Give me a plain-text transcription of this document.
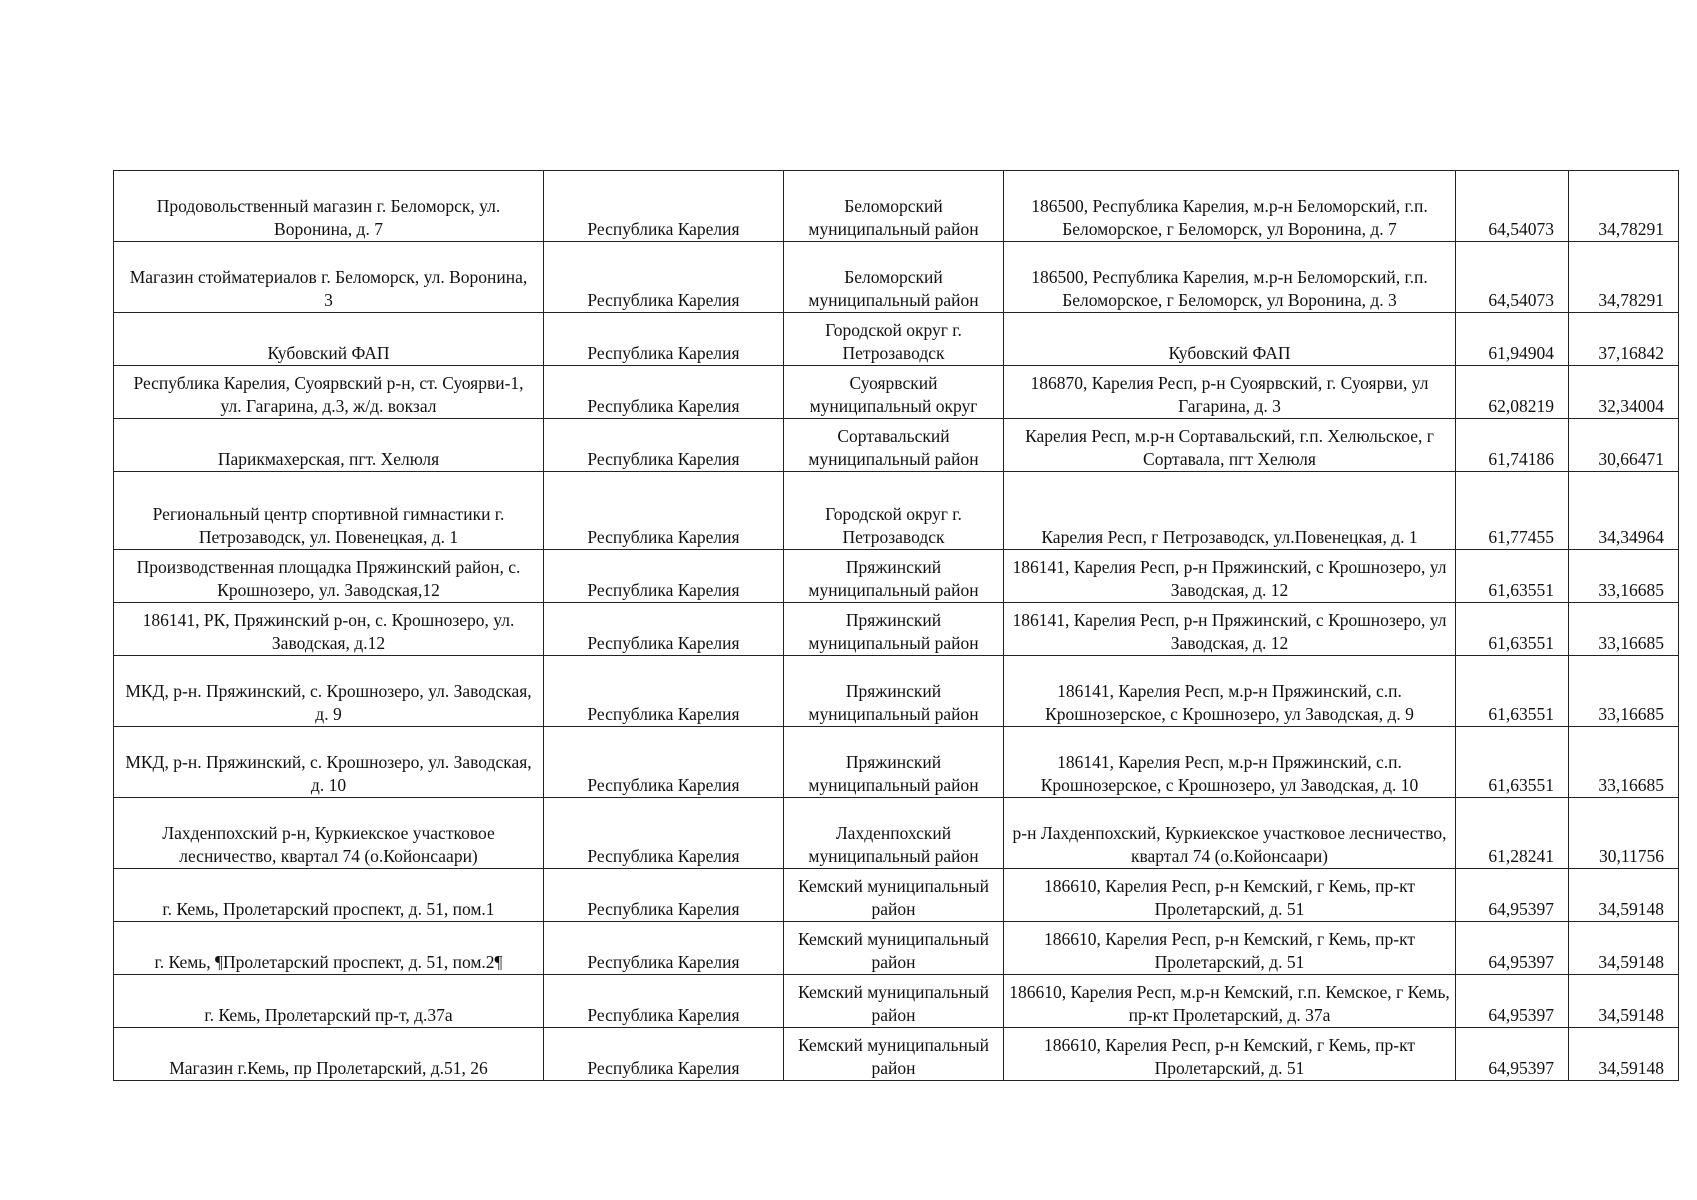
Продовольственный магазин г. Беломорск, ул. Воронина, д. 7	Республика Карелия	Беломорский муниципальный район	186500, Республика Карелия, м.р-н Беломорский, г.п. Беломорское, г Беломорск, ул Воронина, д. 7	64,54073	34,78291
Магазин стойматериалов г. Беломорск, ул. Воронина, 3	Республика Карелия	Беломорский муниципальный район	186500, Республика Карелия, м.р-н Беломорский, г.п. Беломорское, г Беломорск, ул Воронина, д. 3	64,54073	34,78291
Кубовский ФАП	Республика Карелия	Городской округ г. Петрозаводск	Кубовский ФАП	61,94904	37,16842
Республика Карелия, Суоярвский р-н, ст. Суоярви-1, ул. Гагарина, д.3, ж/д. вокзал	Республика Карелия	Суоярвский муниципальный округ	186870, Карелия Респ, р-н Суоярвский, г. Суоярви, ул Гагарина, д. 3	62,08219	32,34004
Парикмахерская, пгт. Хелюля	Республика Карелия	Сортавальский муниципальный район	Карелия Респ, м.р-н Сортавальский, г.п. Хелюльское, г Сортавала, пгт Хелюля	61,74186	30,66471
Региональный центр спортивной гимнастики г. Петрозаводск, ул. Повенецкая, д. 1	Республика Карелия	Городской округ г. Петрозаводск	Карелия Респ, г Петрозаводск, ул.Повенецкая, д. 1	61,77455	34,34964
Производственная площадка Пряжинский район, с. Крошнозеро, ул. Заводская,12	Республика Карелия	Пряжинский муниципальный район	186141, Карелия Респ, р-н Пряжинский, с Крошнозеро, ул Заводская, д. 12	61,63551	33,16685
186141, РК, Пряжинский р-он, с. Крошнозеро, ул. Заводская, д.12	Республика Карелия	Пряжинский муниципальный район	186141, Карелия Респ, р-н Пряжинский, с Крошнозеро, ул Заводская, д. 12	61,63551	33,16685
МКД, р-н. Пряжинский, с. Крошнозеро, ул. Заводская, д. 9	Республика Карелия	Пряжинский муниципальный район	186141, Карелия Респ, м.р-н Пряжинский, с.п. Крошнозерское, с Крошнозеро, ул Заводская, д. 9	61,63551	33,16685
МКД, р-н. Пряжинский, с. Крошнозеро, ул. Заводская, д. 10	Республика Карелия	Пряжинский муниципальный район	186141, Карелия Респ, м.р-н Пряжинский, с.п. Крошнозерское, с Крошнозеро, ул Заводская, д. 10	61,63551	33,16685
Лахденпохский р-н, Куркиекское участковое лесничество, квартал 74 (о.Койонсаари)	Республика Карелия	Лахденпохский муниципальный район	р-н Лахденпохский, Куркиекское участковое лесничество, квартал 74 (о.Койонсаари)	61,28241	30,11756
г. Кемь, Пролетарский проспект, д. 51, пом.1	Республика Карелия	Кемский муниципальный район	186610, Карелия Респ, р-н Кемский, г Кемь, пр-кт Пролетарский, д. 51	64,95397	34,59148
г. Кемь, ¶Пролетарский проспект, д. 51, пом.2¶	Республика Карелия	Кемский муниципальный район	186610, Карелия Респ, р-н Кемский, г Кемь, пр-кт Пролетарский, д. 51	64,95397	34,59148
г. Кемь, Пролетарский пр-т, д.37а	Республика Карелия	Кемский муниципальный район	186610, Карелия Респ, м.р-н Кемский, г.п. Кемское, г Кемь, пр-кт Пролетарский, д. 37а	64,95397	34,59148
Магазин г.Кемь, пр Пролетарский, д.51, 26	Республика Карелия	Кемский муниципальный район	186610, Карелия Респ, р-н Кемский, г Кемь, пр-кт Пролетарский, д. 51	64,95397	34,59148
